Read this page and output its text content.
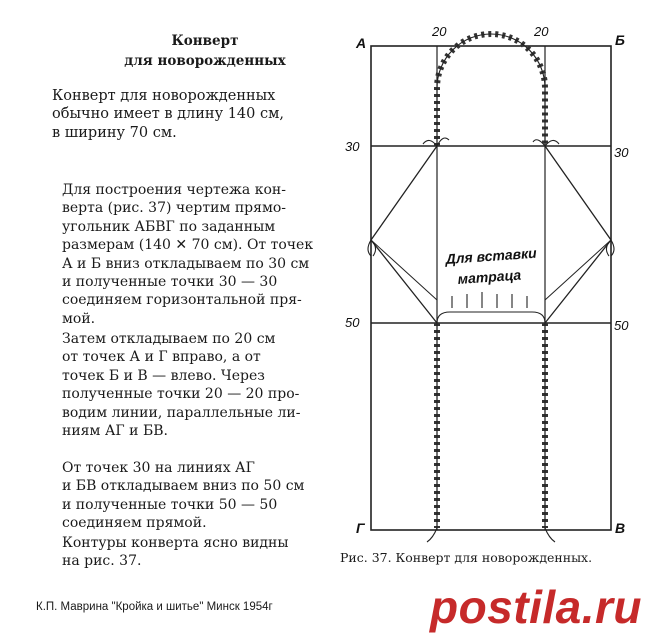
Конверт
для новорожденных
Конверт для новорожденных
обычно имеет в длину 140 см,
в ширину 70 см.
Для построения чертежа кон-
верта (рис. 37) чертим прямо-
угольник АБВГ по заданным
размерам (140 ✕ 70 см). От точек
А и Б вниз откладываем по 30 см
и полученные точки 30 — 30
соединяем горизонтальной пря-
мой.
Затем откладываем по 20 см
от точек А и Г вправо, а от
точек Б и В — влево. Через
полученные точки 20 — 20 про-
водим линии, параллельные ли-
ниям АГ и БВ.
От точек 30 на линиях АГ
и БВ откладываем вниз по 50 см
и полученные точки 50 — 50
соединяем прямой.
Контуры конверта ясно видны
на рис. 37.
А	Б
Г	В
20	20
30	30
50	50
Для вставки
матраца
Рис. 37. Конверт для новорожденных.
К.П. Маврина "Кройка и шитье" Минск 1954г	postila.ru
